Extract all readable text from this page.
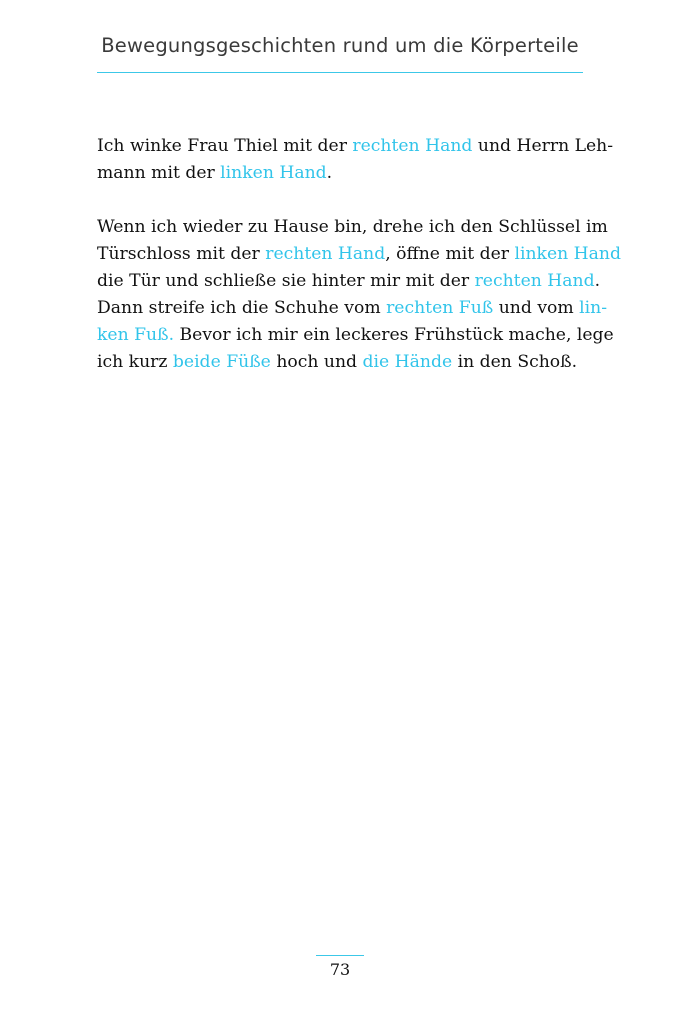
Bewegungsgeschichten rund um die Körperteile
Ich winke Frau Thiel mit der rechten Hand und Herrn Leh-
mann mit der linken Hand.
Wenn ich wieder zu Hause bin, drehe ich den Schlüssel im
Türschloss mit der rechten Hand, öffne mit der linken Hand
die Tür und schließe sie hinter mir mit der rechten Hand.
Dann streife ich die Schuhe vom rechten Fuß und vom lin-
ken Fuß. Bevor ich mir ein leckeres Frühstück mache, lege
ich kurz beide Füße hoch und die Hände in den Schoß.
73
